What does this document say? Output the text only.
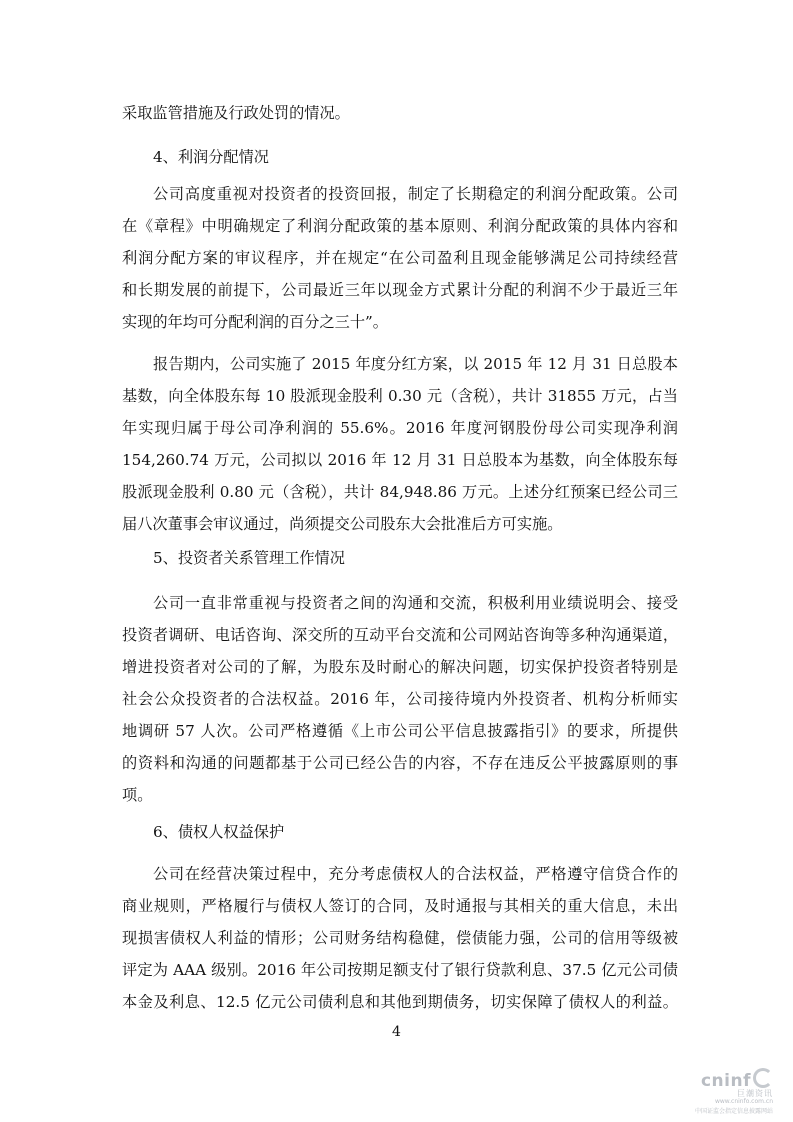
采取监管措施及行政处罚的情况。
4、利润分配情况
公司高度重视对投资者的投资回报，制定了长期稳定的利润分配政策。公司
在《章程》中明确规定了利润分配政策的基本原则、利润分配政策的具体内容和
利润分配方案的审议程序，并在规定“在公司盈利且现金能够满足公司持续经营
和长期发展的前提下，公司最近三年以现金方式累计分配的利润不少于最近三年
实现的年均可分配利润的百分之三十”。
报告期内，公司实施了 2015 年度分红方案，以 2015 年 12 月 31 日总股本
基数，向全体股东每 10 股派现金股利 0.30 元（含税），共计 31855 万元，占当
年实现归属于母公司净利润的 55.6%。2016 年度河钢股份母公司实现净利润
154,260.74 万元，公司拟以 2016 年 12 月 31 日总股本为基数，向全体股东每
股派现金股利 0.80 元（含税），共计 84,948.86 万元。上述分红预案已经公司三
届八次董事会审议通过，尚须提交公司股东大会批准后方可实施。
5、投资者关系管理工作情况
公司一直非常重视与投资者之间的沟通和交流，积极利用业绩说明会、接受
投资者调研、电话咨询、深交所的互动平台交流和公司网站咨询等多种沟通渠道，
增进投资者对公司的了解，为股东及时耐心的解决问题，切实保护投资者特别是
社会公众投资者的合法权益。2016 年，公司接待境内外投资者、机构分析师实
地调研 57 人次。公司严格遵循《上市公司公平信息披露指引》的要求，所提供
的资料和沟通的问题都基于公司已经公告的内容，不存在违反公平披露原则的事
项。
6、债权人权益保护
公司在经营决策过程中，充分考虑债权人的合法权益，严格遵守信贷合作的
商业规则，严格履行与债权人签订的合同，及时通报与其相关的重大信息，未出
现损害债权人利益的情形；公司财务结构稳健，偿债能力强，公司的信用等级被
评定为 AAA 级别。2016 年公司按期足额支付了银行贷款利息、37.5 亿元公司债
本金及利息、12.5 亿元公司债利息和其他到期债务，切实保障了债权人的利益。
4
cninf
巨潮资讯
www.cninfo.com.cn
中国证监会指定信息披露网站
